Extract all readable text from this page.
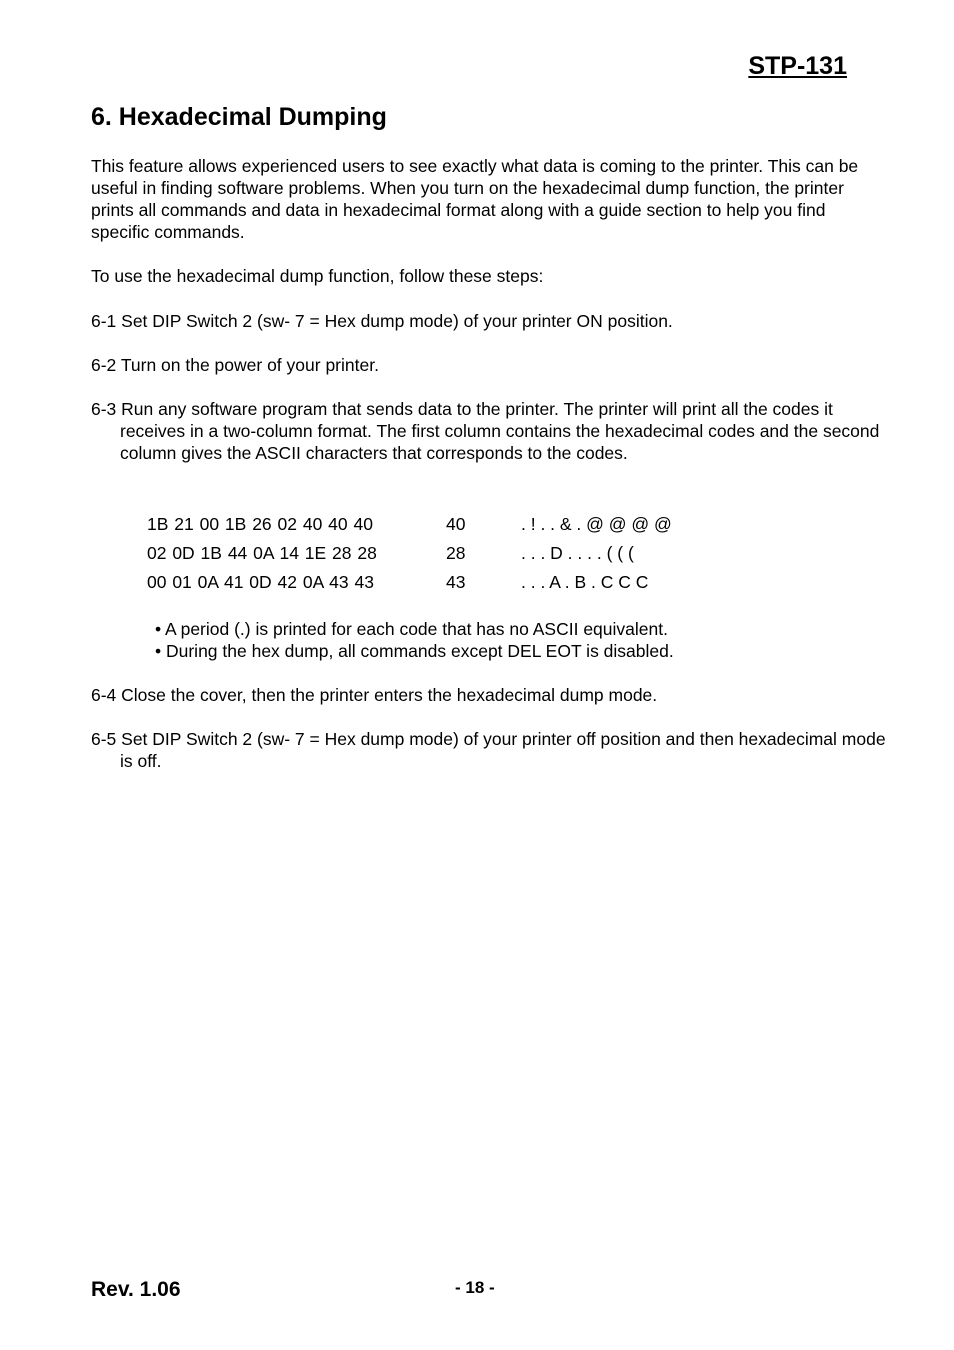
STP-131
6. Hexadecimal Dumping

This feature allows experienced users to see exactly what data is coming to the printer. This can be useful in finding software problems. When you turn on the hexadecimal dump function, the printer prints all commands and data in hexadecimal format along with a guide section to help you find specific commands.

To use the hexadecimal dump function, follow these steps:

6-1 Set DIP Switch 2 (sw- 7 = Hex dump mode) of your printer ON position.

6-2 Turn on the power of your printer.

6-3 Run any software program that sends data to the printer. The printer will print all the codes it receives in a two-column format. The first column contains the hexadecimal codes and the second column gives the ASCII characters that corresponds to the codes.

1B 21 00 1B 26 02 40 40 40	40	. ! . . & . @ @ @ @
02 0D 1B 44 0A 14 1E 28 28	28	. . . D . . . . ( ( (
00 01 0A 41 0D 42 0A 43 43	43	. . . A . B . C C C
• A period (.) is printed for each code that has no ASCII equivalent.
• During the hex dump, all commands except DEL EOT is disabled.

6-4 Close the cover, then the printer enters the hexadecimal dump mode.

6-5 Set DIP Switch 2 (sw- 7 = Hex dump mode) of your printer off position and then hexadecimal mode is off.

Rev. 1.06	- 18 -
